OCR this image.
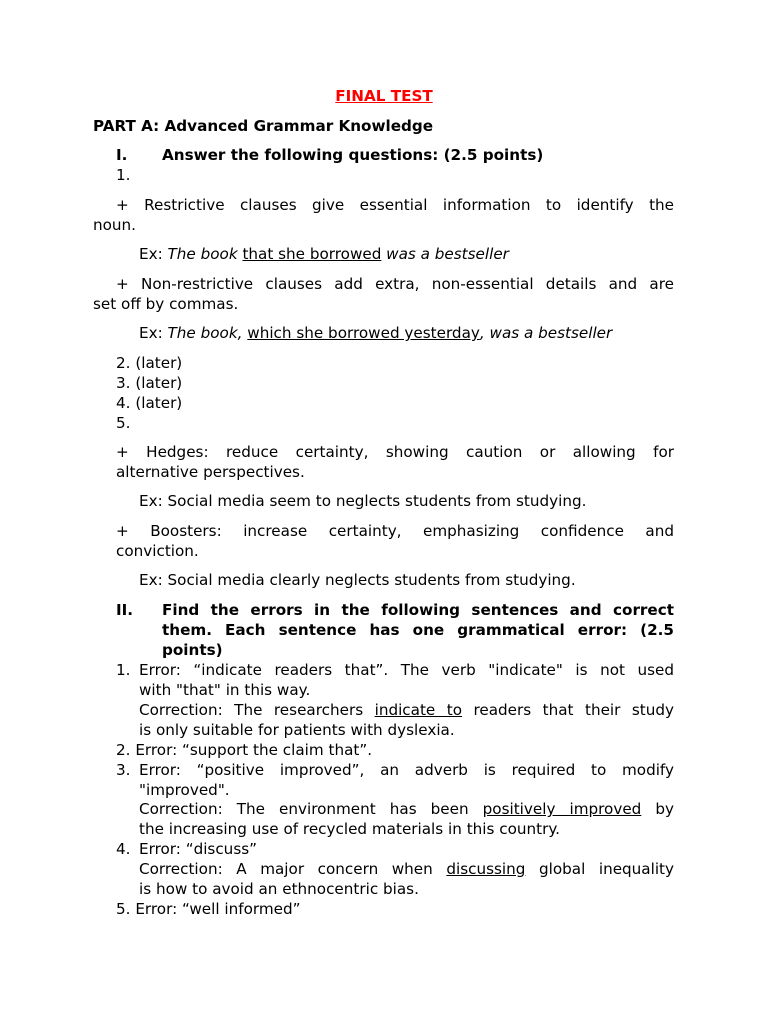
FINAL TEST
PART A: Advanced Grammar Knowledge
I. Answer the following questions: (2.5 points)
1.
+ Restrictive clauses give essential information to identify the
noun.
Ex: The book that she borrowed was a bestseller
+ Non-restrictive clauses add extra, non-essential details and are
set off by commas.
Ex: The book, which she borrowed yesterday, was a bestseller
2. (later)
3. (later)
4. (later)
5.
+ Hedges: reduce certainty, showing caution or allowing for
alternative perspectives.
Ex: Social media seem to neglects students from studying.
+ Boosters: increase certainty, emphasizing confidence and
conviction.
Ex: Social media clearly neglects students from studying.
II. Find the errors in the following sentences and correct
them. Each sentence has one grammatical error: (2.5
points)
1. Error: “indicate readers that”. The verb "indicate" is not used
with "that" in this way.
Correction: The researchers indicate to readers that their study
is only suitable for patients with dyslexia.
2. Error: “support the claim that”.
3. Error: “positive improved”, an adverb is required to modify
"improved".
Correction: The environment has been positively improved by
the increasing use of recycled materials in this country.
4. Error: “discuss”
Correction: A major concern when discussing global inequality
is how to avoid an ethnocentric bias.
5. Error: “well informed”
